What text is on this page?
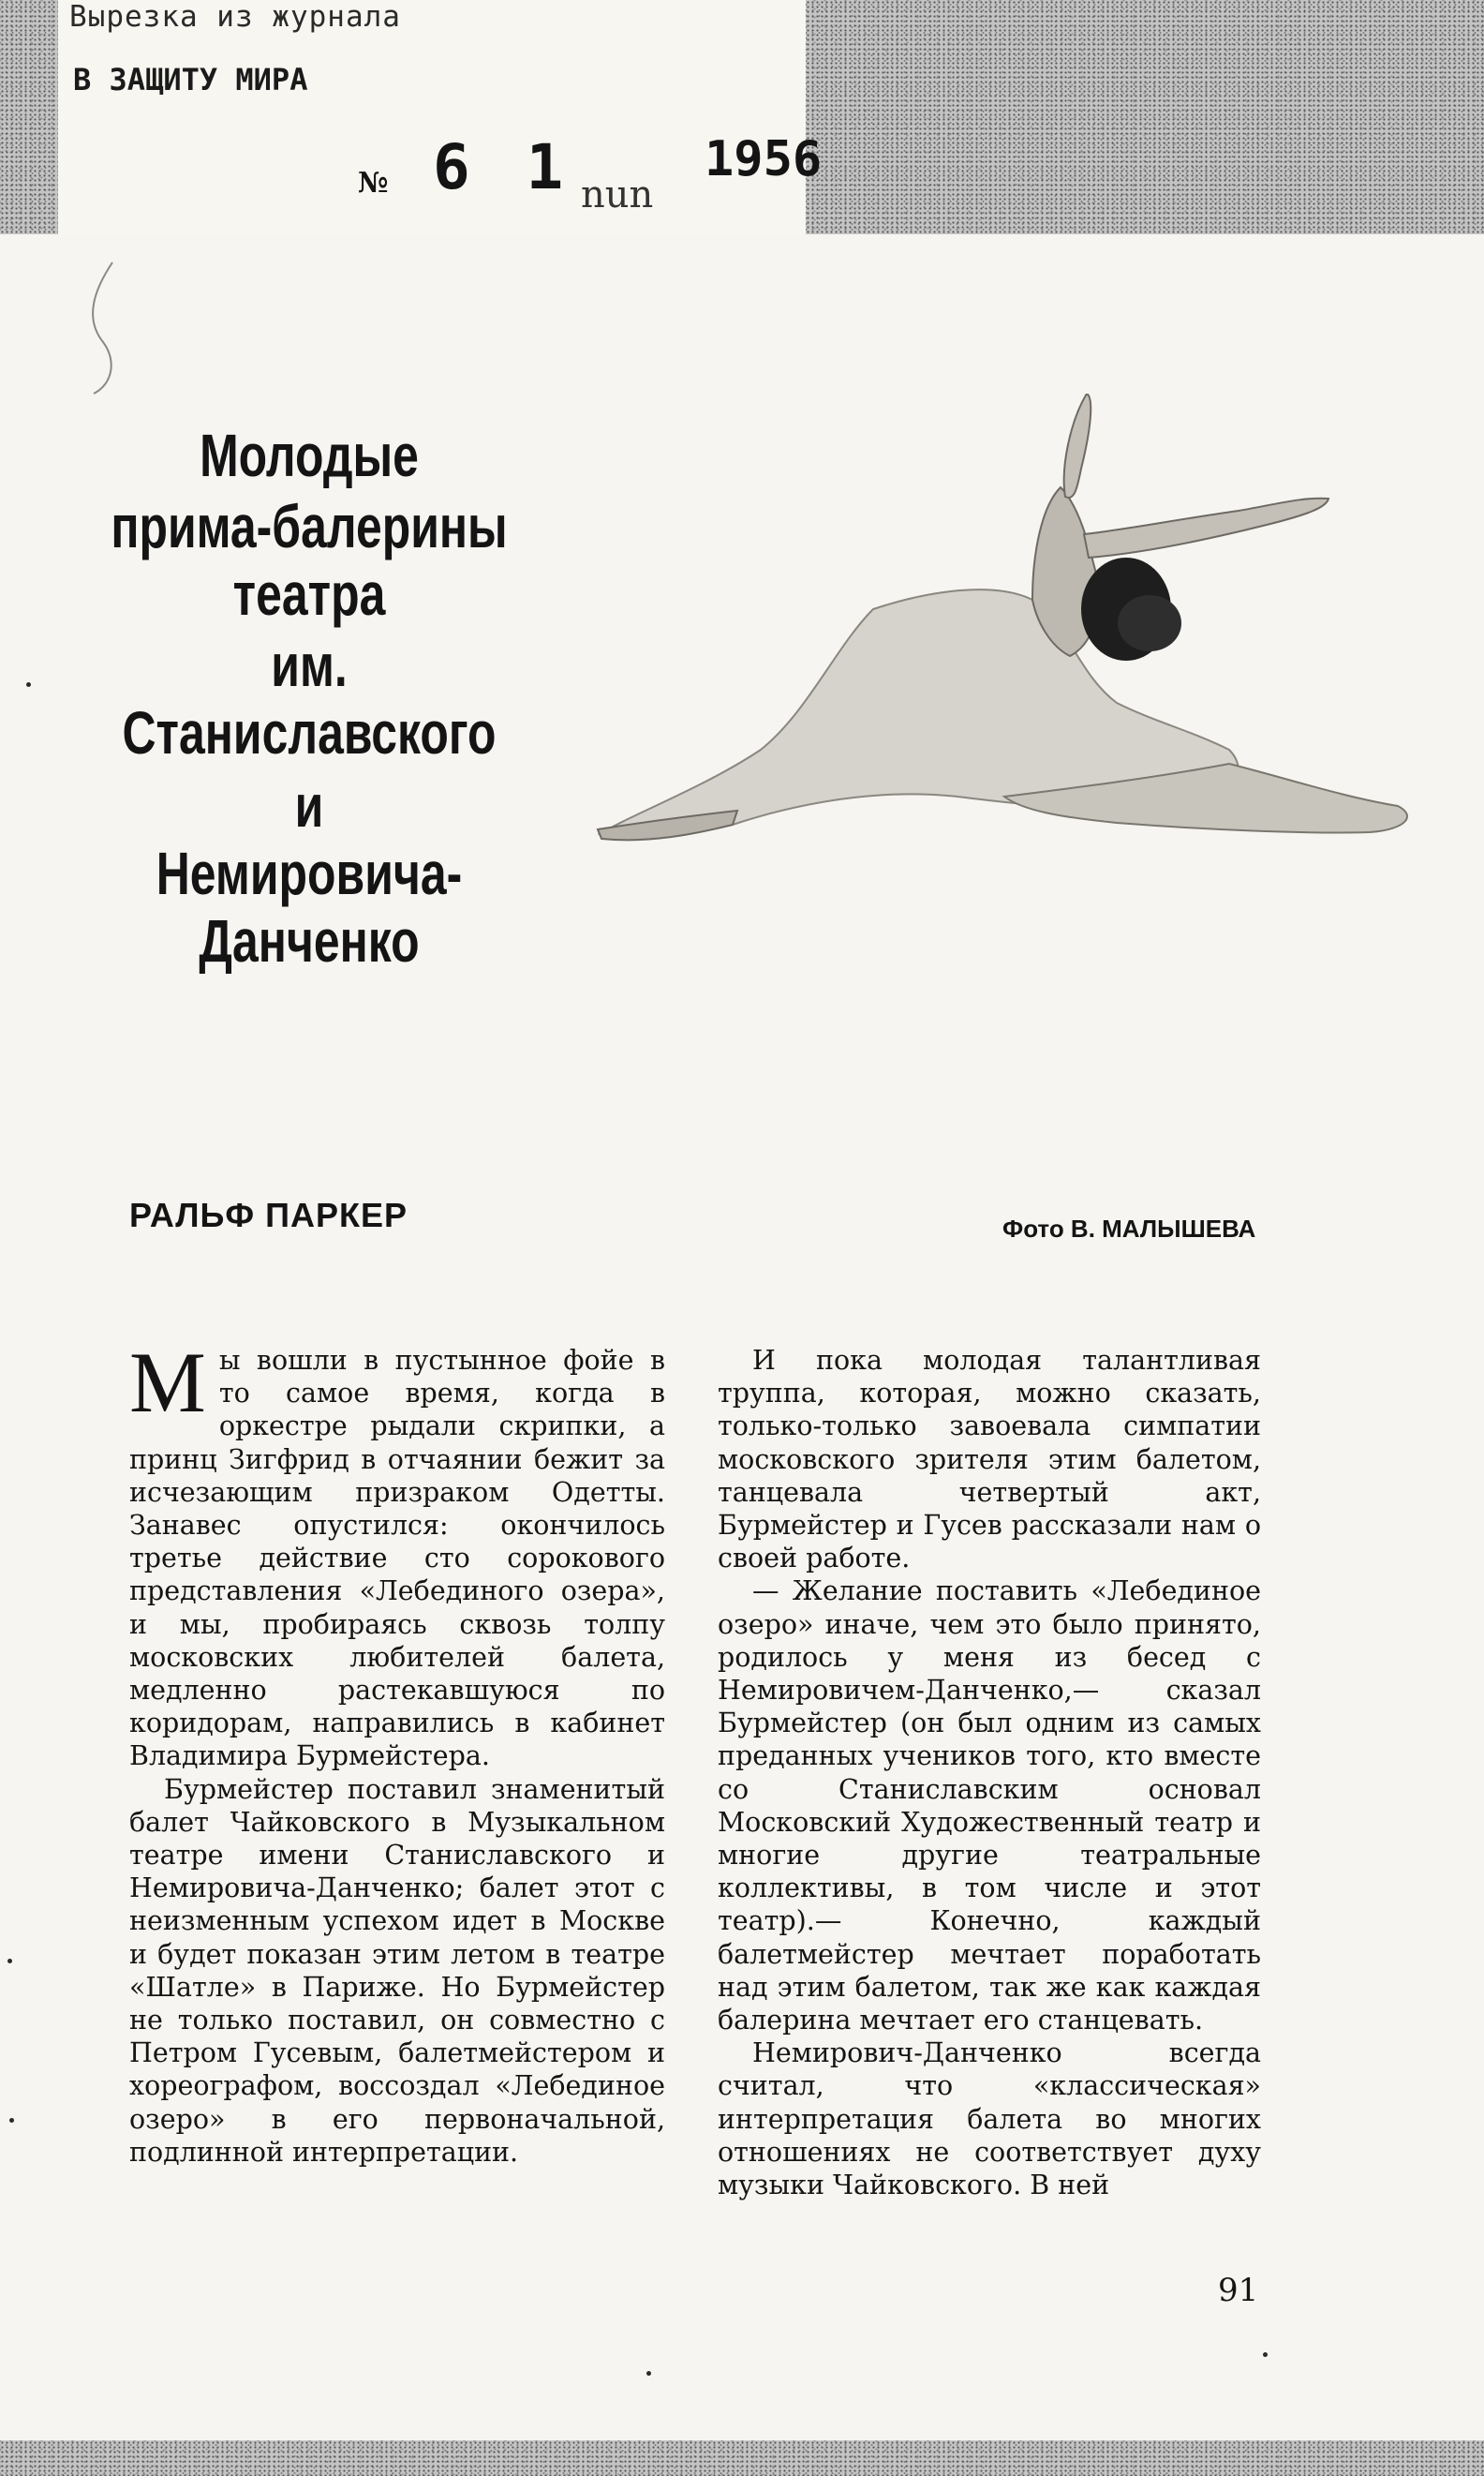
Вырезка из журнала
В ЗАЩИТУ МИРА
№ 6 1 nun
1956
Молодые
прима-балерины
театра
им. Станиславского
и
Немировича-Данченко
РАЛЬФ ПАРКЕР	Фото В. МАЛЫШЕВА

Мы вошли в пустынное фойе в то самое время, когда в оркестре рыдали скрипки, а принц Зигфрид в отчаянии бежит за исчезающим призраком Одетты. Занавес опустился: окончилось третье действие сто сорокового представления «Лебединого озера», и мы, пробираясь сквозь толпу московских любителей балета, медленно растекавшуюся по коридорам, направились в кабинет Владимира Бурмейстера.

Бурмейстер поставил знаменитый балет Чайковского в Музыкальном театре имени Станиславского и Немировича-Данченко; балет этот с неизменным успехом идет в Москве и будет показан этим летом в театре «Шатле» в Париже. Но Бурмейстер не только поставил, он совместно с Петром Гусевым, балетмейстером и хореографом, воссоздал «Лебединое озеро» в его первоначальной, подлинной интерпретации.

И пока молодая талантливая труппа, которая, можно сказать, только-только завоевала симпатии московского зрителя этим балетом, танцевала четвертый акт, Бурмейстер и Гусев рассказали нам о своей работе.

— Желание поставить «Лебединое озеро» иначе, чем это было принято, родилось у меня из бесед с Немировичем-Данченко,— сказал Бурмейстер (он был одним из самых преданных учеников того, кто вместе со Станиславским основал Московский Художественный театр и многие другие театральные коллективы, в том числе и этот театр).— Конечно, каждый балетмейстер мечтает поработать над этим балетом, так же как каждая балерина мечтает его станцевать.

Немирович-Данченко всегда считал, что «классическая» интерпретация балета во многих отношениях не соответствует духу музыки Чайковского. В ней

91
